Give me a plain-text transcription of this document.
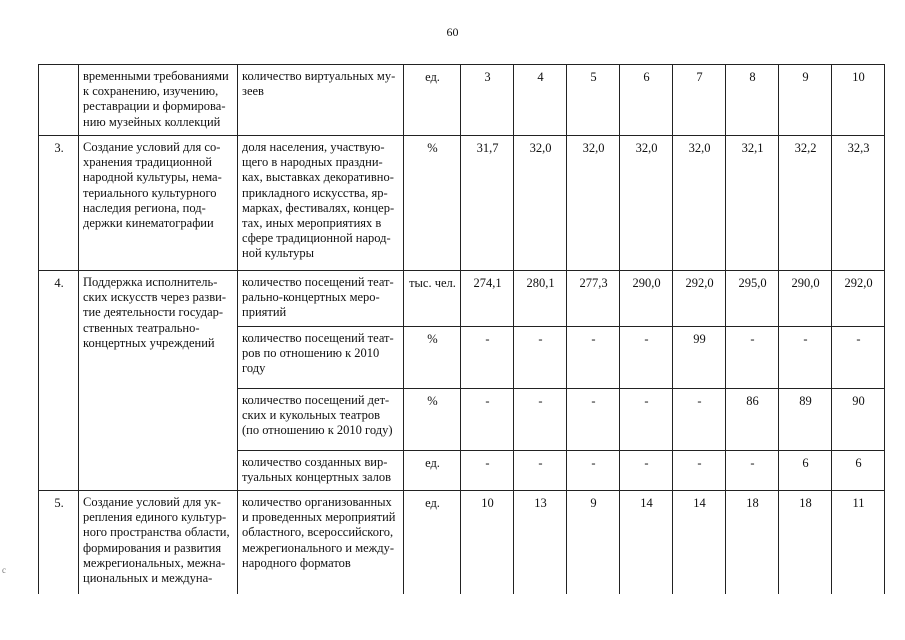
60
	временными требованиями к сохранению, изучению, реставрации и формирова-нию музейных коллекций	количество виртуальных му-зеев	ед.	3	4	5	6	7	8	9	10
3.	Создание условий для со-хранения традиционной народной культуры, нема-териального культурного наследия региона, под-держки кинематографии	доля населения, участвую-щего в народных праздни-ках, выставках декоративно-прикладного искусства, яр-марках, фестивалях, концер-тах, иных мероприятиях в сфере традиционной народ-ной культуры	%	31,7	32,0	32,0	32,0	32,0	32,1	32,2	32,3
4.	Поддержка исполнитель-ских искусств через разви-тие деятельности государ-ственных театрально-концертных учреждений	количество посещений теат-рально-концертных меро-приятий	тыс. чел.	274,1	280,1	277,3	290,0	292,0	295,0	290,0	292,0
		количество посещений теат-ров по отношению к 2010 году	%	-	-	-	-	99	-	-	-
		количество посещений дет-ских и кукольных театров (по отношению к 2010 году)	%	-	-	-	-	-	86	89	90
		количество созданных вир-туальных концертных залов	ед.	-	-	-	-	-	-	6	6
5.	Создание условий для ук-репления единого культур-ного пространства области, формирования и развития межрегиональных, межна-циональных и междуна-	количество организованных и проведенных мероприятий областного, всероссийского, межрегионального и между-народного форматов	ед.	10	13	9	14	14	18	18	11
с
